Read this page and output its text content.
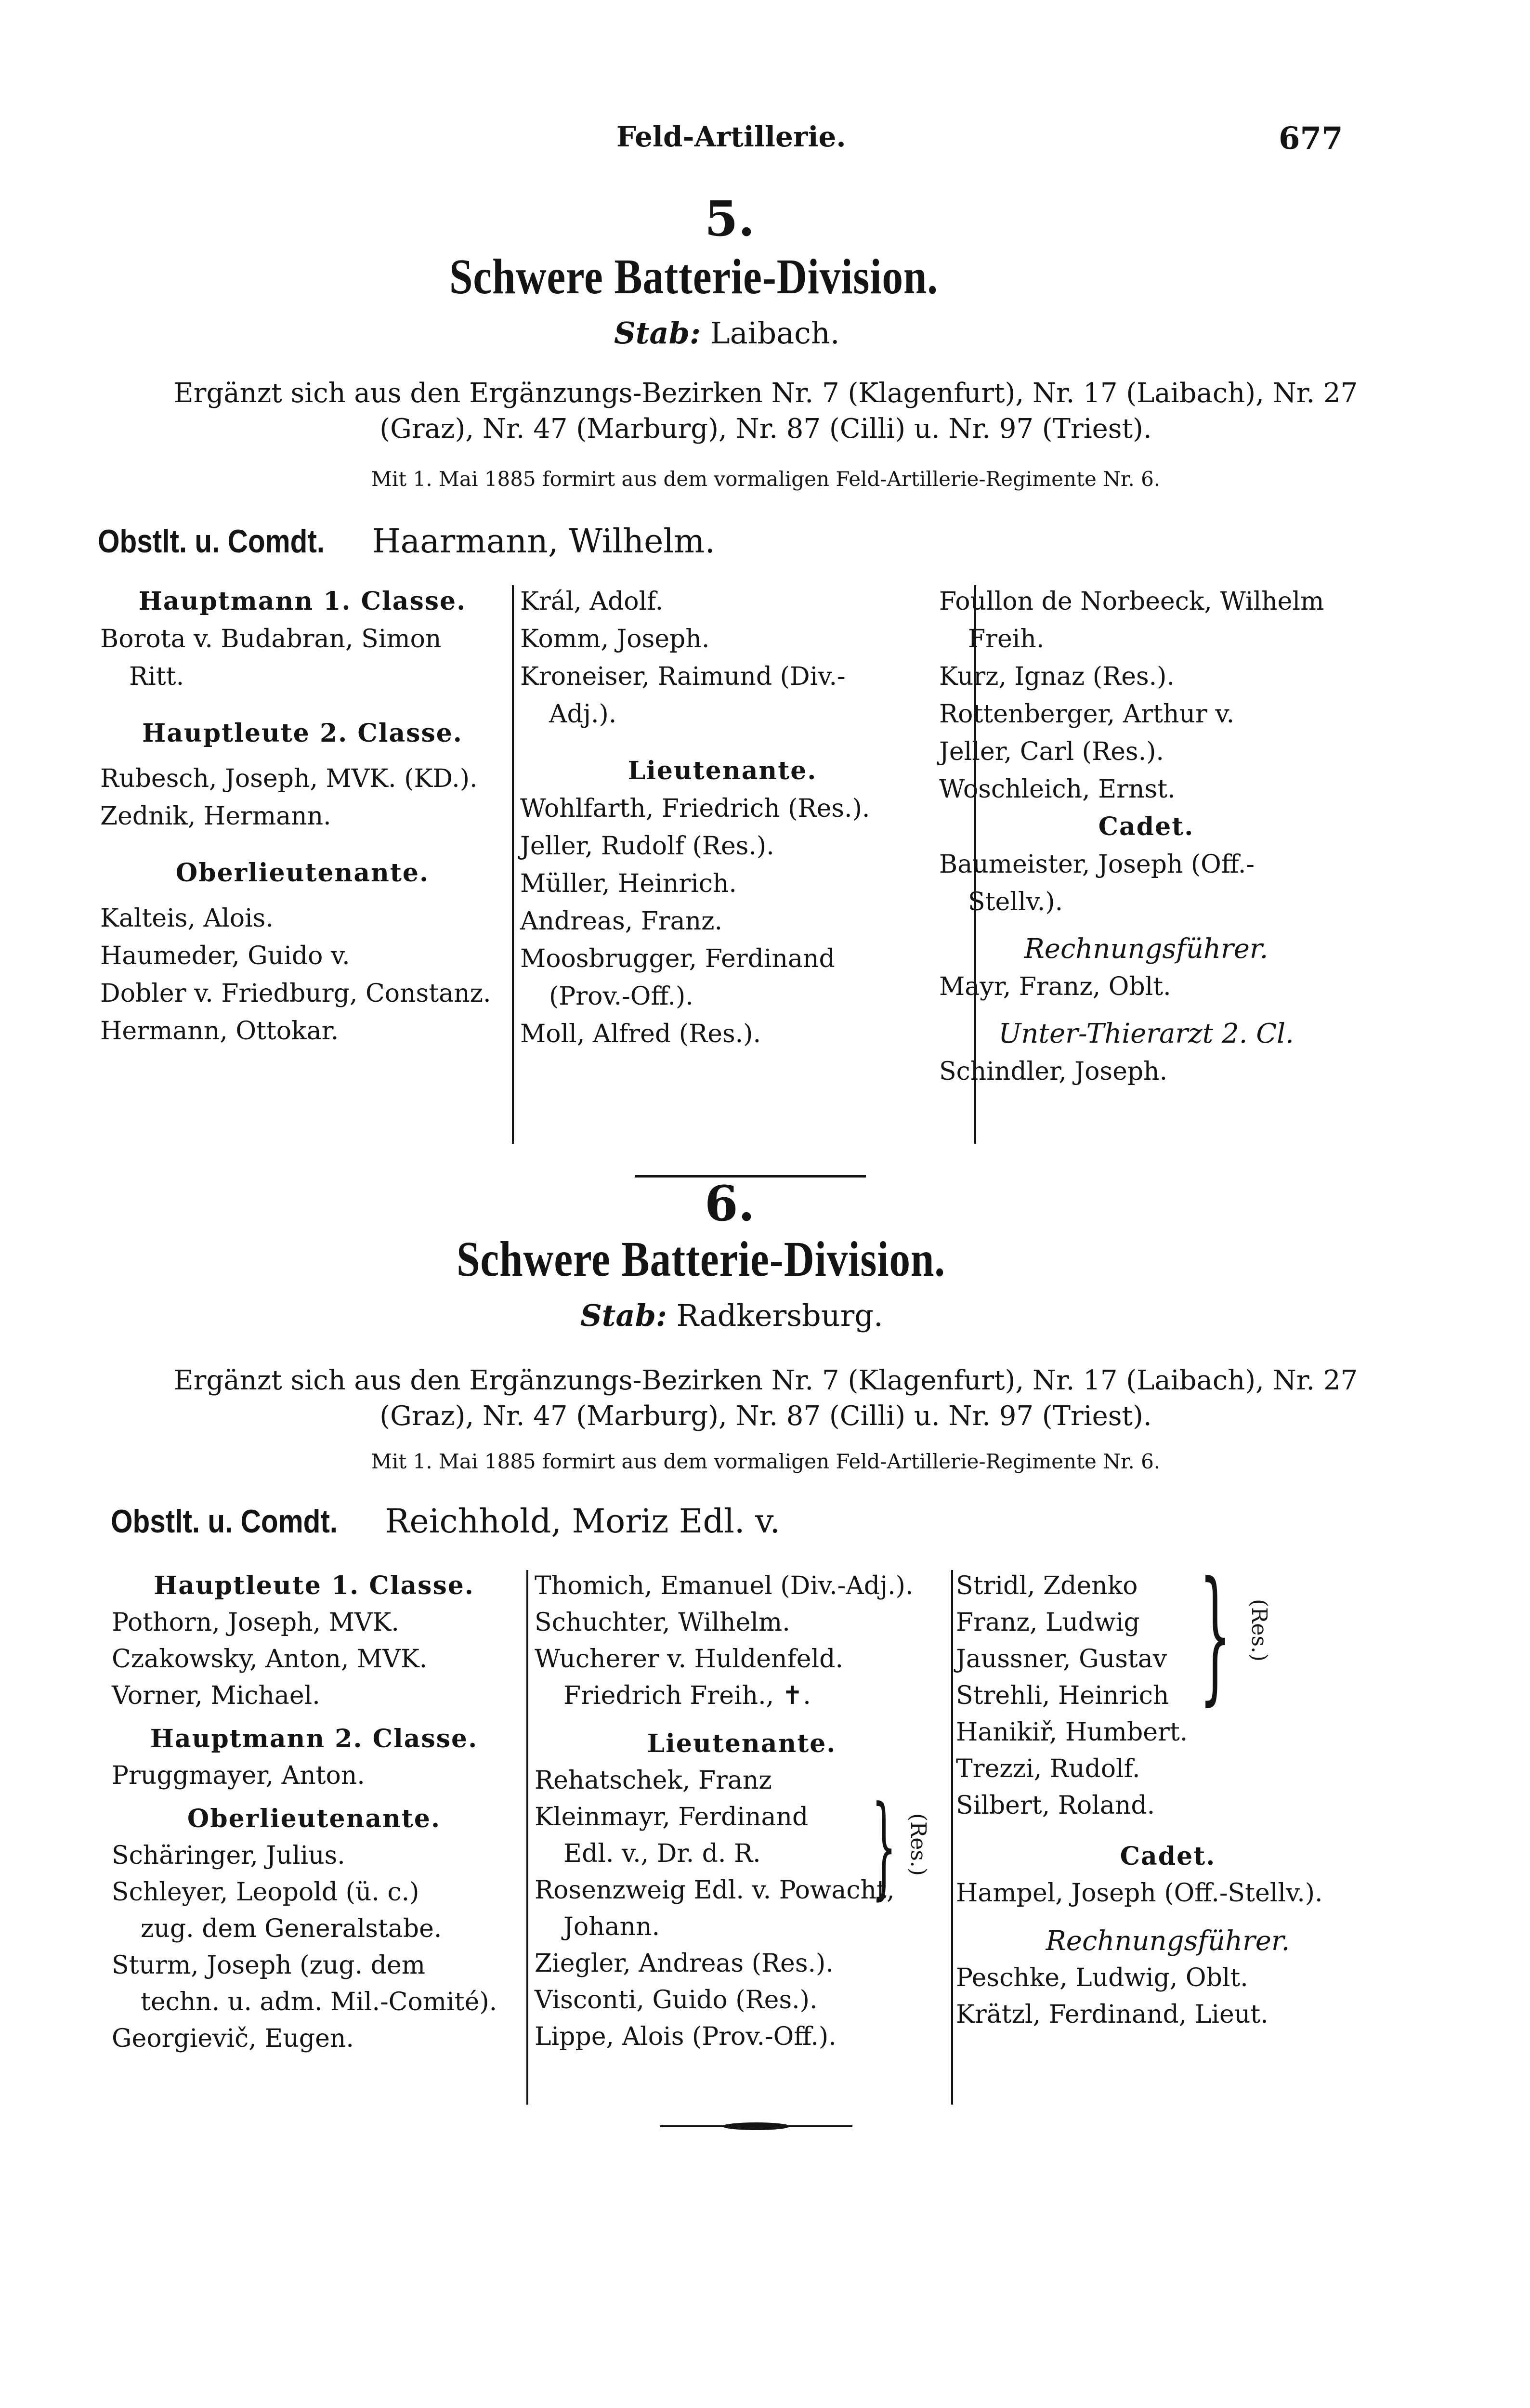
Feld-Artillerie.	677
5.
Schwere Batterie-Division.
Stab: Laibach.
Ergänzt sich aus den Ergänzungs-Bezirken Nr. 7 (Klagenfurt), Nr. 17 (Laibach), Nr. 27
(Graz), Nr. 47 (Marburg), Nr. 87 (Cilli) u. Nr. 97 (Triest).
Mit 1. Mai 1885 formirt aus dem vormaligen Feld-Artillerie-Regimente Nr. 6.
Obstlt. u. Comdt. Haarmann, Wilhelm.
Hauptmann 1. Classe.
Borota v. Budabran, Simon
Ritt.
Hauptleute 2. Classe.
Rubesch, Joseph, MVK. (KD.).
Zednik, Hermann.
Oberlieutenante.
Kalteis, Alois.
Haumeder, Guido v.
Dobler v. Friedburg, Constanz.
Hermann, Ottokar.
Král, Adolf.
Komm, Joseph.
Kroneiser, Raimund (Div.-
Adj.).
Lieutenante.
Wohlfarth, Friedrich (Res.).
Jeller, Rudolf (Res.).
Müller, Heinrich.
Andreas, Franz.
Moosbrugger, Ferdinand
(Prov.-Off.).
Moll, Alfred (Res.).
Foullon de Norbeeck, Wilhelm
Freih.
Kurz, Ignaz (Res.).
Rottenberger, Arthur v.
Jeller, Carl (Res.).
Woschleich, Ernst.
Cadet.
Baumeister, Joseph (Off.-
Stellv.).
Rechnungsführer.
Mayr, Franz, Oblt.
Unter-Thierarzt 2. Cl.
Schindler, Joseph.
6.
Schwere Batterie-Division.
Stab: Radkersburg.
Ergänzt sich aus den Ergänzungs-Bezirken Nr. 7 (Klagenfurt), Nr. 17 (Laibach), Nr. 27
(Graz), Nr. 47 (Marburg), Nr. 87 (Cilli) u. Nr. 97 (Triest).
Mit 1. Mai 1885 formirt aus dem vormaligen Feld-Artillerie-Regimente Nr. 6.
Obstlt. u. Comdt. Reichhold, Moriz Edl. v.
Hauptleute 1. Classe.
Pothorn, Joseph, MVK.
Czakowsky, Anton, MVK.
Vorner, Michael.
Hauptmann 2. Classe.
Pruggmayer, Anton.
Oberlieutenante.
Schäringer, Julius.
Schleyer, Leopold (ü. c.)
zug. dem Generalstabe.
Sturm, Joseph (zug. dem
techn. u. adm. Mil.-Comité).
Georgievič, Eugen.
Thomich, Emanuel (Div.-Adj.).
Schuchter, Wilhelm.
Wucherer v. Huldenfeld.
Friedrich Freih., ✝.
Lieutenante.
Rehatschek, Franz
Kleinmayr, Ferdinand
Edl. v., Dr. d. R.
Rosenzweig Edl. v. Powacht,
Johann.
Ziegler, Andreas (Res.).
Visconti, Guido (Res.).
Lippe, Alois (Prov.-Off.).
} (Res.)
Stridl, Zdenko
Franz, Ludwig
Jaussner, Gustav
Strehli, Heinrich
Hanikiř, Humbert.
Trezzi, Rudolf.
Silbert, Roland.
Cadet.
Hampel, Joseph (Off.-Stellv.).
Rechnungsführer.
Peschke, Ludwig, Oblt.
Krätzl, Ferdinand, Lieut.
} (Res.)
